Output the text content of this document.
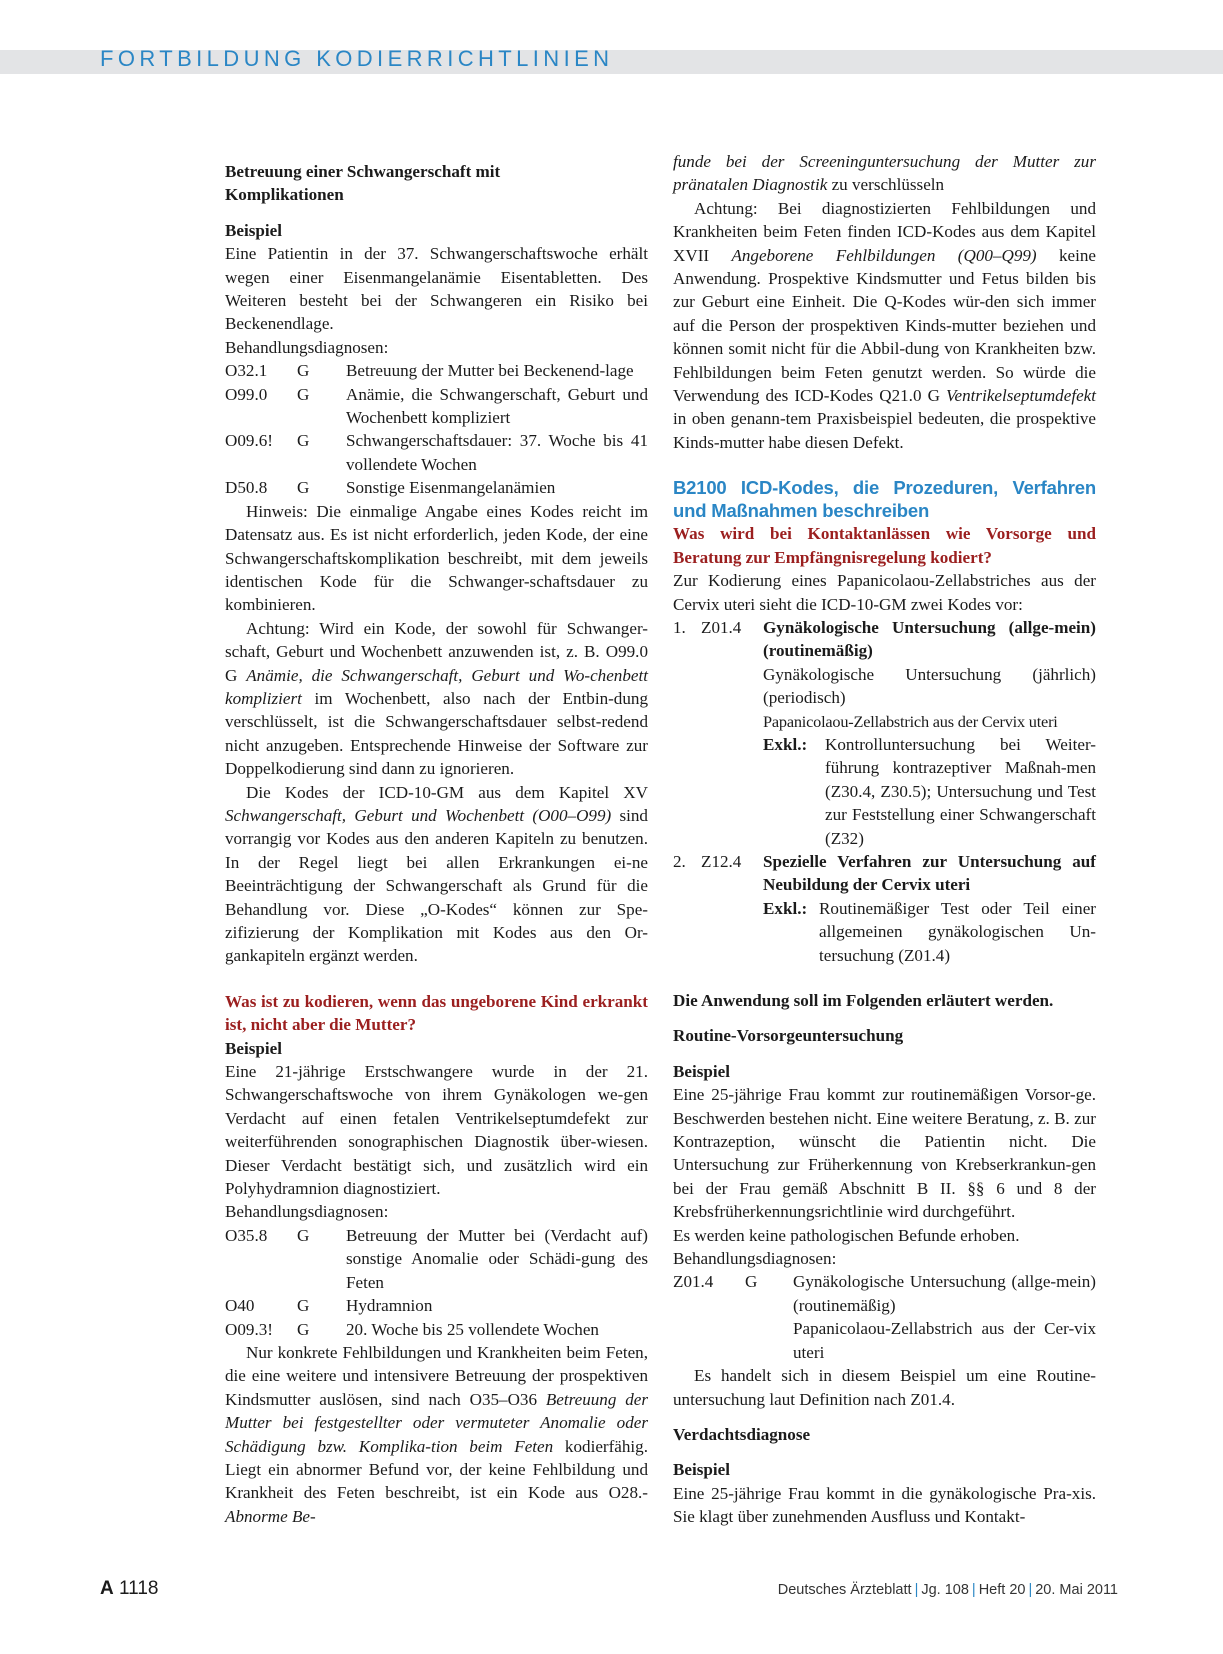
FORTBILDUNG KODIERRICHTLINIEN

Betreuung einer Schwangerschaft mit
Komplikationen

Beispiel

Eine Patientin in der 37. Schwangerschaftswoche erhält wegen einer Eisenmangelanämie Eisentabletten. Des Weiteren besteht bei der Schwangeren ein Risiko bei Beckenendlage.

Behandlungsdiagnosen:

O32.1	G	Betreuung der Mutter bei Beckenend-lage
O99.0	G	Anämie, die Schwangerschaft, Geburt und Wochenbett kompliziert
O09.6!	G	Schwangerschaftsdauer: 37. Woche bis 41 vollendete Wochen
D50.8	G	Sonstige Eisenmangelanämien

Hinweis: Die einmalige Angabe eines Kodes reicht im Datensatz aus. Es ist nicht erforderlich, jeden Kode, der eine Schwangerschaftskomplikation beschreibt, mit dem jeweils identischen Kode für die Schwanger-schaftsdauer zu kombinieren.

Achtung: Wird ein Kode, der sowohl für Schwanger-schaft, Geburt und Wochenbett anzuwenden ist, z. B. O99.0 G Anämie, die Schwangerschaft, Geburt und Wo-chenbett kompliziert im Wochenbett, also nach der Entbin-dung verschlüsselt, ist die Schwangerschaftsdauer selbst-redend nicht anzugeben. Entsprechende Hinweise der Software zur Doppelkodierung sind dann zu ignorieren.

Die Kodes der ICD-10-GM aus dem Kapitel XV Schwangerschaft, Geburt und Wochenbett (O00–O99) sind vorrangig vor Kodes aus den anderen Kapiteln zu benutzen. In der Regel liegt bei allen Erkrankungen ei-ne Beeinträchtigung der Schwangerschaft als Grund für die Behandlung vor. Diese „O-Kodes“ können zur Spe-zifizierung der Komplikation mit Kodes aus den Or-gankapiteln ergänzt werden.

Was ist zu kodieren, wenn das ungeborene Kind erkrankt ist, nicht aber die Mutter?

Beispiel

Eine 21-jährige Erstschwangere wurde in der 21. Schwangerschaftswoche von ihrem Gynäkologen we-gen Verdacht auf einen fetalen Ventrikelseptumdefekt zur weiterführenden sonographischen Diagnostik über-wiesen. Dieser Verdacht bestätigt sich, und zusätzlich wird ein Polyhydramnion diagnostiziert.

Behandlungsdiagnosen:

O35.8	G	Betreuung der Mutter bei (Verdacht auf) sonstige Anomalie oder Schädi-gung des Feten
O40	G	Hydramnion
O09.3!	G	20. Woche bis 25 vollendete Wochen

Nur konkrete Fehlbildungen und Krankheiten beim Feten, die eine weitere und intensivere Betreuung der prospektiven Kindsmutter auslösen, sind nach O35–O36 Betreuung der Mutter bei festgestellter oder vermuteter Anomalie oder Schädigung bzw. Komplika-tion beim Feten kodierfähig. Liegt ein abnormer Befund vor, der keine Fehlbildung und Krankheit des Feten beschreibt, ist ein Kode aus O28.- Abnorme Be-

funde bei der Screeninguntersuchung der Mutter zur pränatalen Diagnostik zu verschlüsseln

Achtung: Bei diagnostizierten Fehlbildungen und Krankheiten beim Feten finden ICD-Kodes aus dem Kapitel XVII Angeborene Fehlbildungen (Q00–Q99) keine Anwendung. Prospektive Kindsmutter und Fetus bilden bis zur Geburt eine Einheit. Die Q-Kodes wür-den sich immer auf die Person der prospektiven Kinds-mutter beziehen und können somit nicht für die Abbil-dung von Krankheiten bzw. Fehlbildungen beim Feten genutzt werden. So würde die Verwendung des ICD-Kodes Q21.0 G Ventrikelseptumdefekt in oben genann-tem Praxisbeispiel bedeuten, die prospektive Kinds-mutter habe diesen Defekt.

B2100 ICD-Kodes, die Prozeduren, Verfahren und Maßnahmen beschreiben

Was wird bei Kontaktanlässen wie Vorsorge und Beratung zur Empfängnisregelung kodiert?

Zur Kodierung eines Papanicolaou-Zellabstriches aus der Cervix uteri sieht die ICD-10-GM zwei Kodes vor:

1. Z01.4	Gynäkologische Untersuchung (allge-mein) (routinemäßig)
Gynäkologische Untersuchung (jährlich) (periodisch)
Papanicolaou-Zellabstrich aus der Cervix uteri
Exkl.:	Kontrolluntersuchung bei Weiter-führung kontrazeptiver Maßnah-men (Z30.4, Z30.5); Untersuchung und Test zur Feststellung einer Schwangerschaft (Z32)
2. Z12.4	Spezielle Verfahren zur Untersuchung auf Neubildung der Cervix uteri
Exkl.: Routinemäßiger Test oder Teil einer allgemeinen gynäkologischen Un-tersuchung (Z01.4)

Die Anwendung soll im Folgenden erläutert werden.

Routine-Vorsorgeuntersuchung

Beispiel

Eine 25-jährige Frau kommt zur routinemäßigen Vorsor-ge. Beschwerden bestehen nicht. Eine weitere Beratung, z. B. zur Kontrazeption, wünscht die Patientin nicht. Die Untersuchung zur Früherkennung von Krebserkrankun-gen bei der Frau gemäß Abschnitt B II. §§ 6 und 8 der Krebsfrüherkennungsrichtlinie wird durchgeführt.

Es werden keine pathologischen Befunde erhoben.

Behandlungsdiagnosen:

Z01.4	G	Gynäkologische Untersuchung (allge-mein) (routinemäßig)
Papanicolaou-Zellabstrich aus der Cer-vix uteri

Es handelt sich in diesem Beispiel um eine Routine-untersuchung laut Definition nach Z01.4.

Verdachtsdiagnose

Beispiel

Eine 25-jährige Frau kommt in die gynäkologische Pra-xis. Sie klagt über zunehmenden Ausfluss und Kontakt-

A 1118	Deutsches Ärzteblatt | Jg. 108 | Heft 20 | 20. Mai 2011
